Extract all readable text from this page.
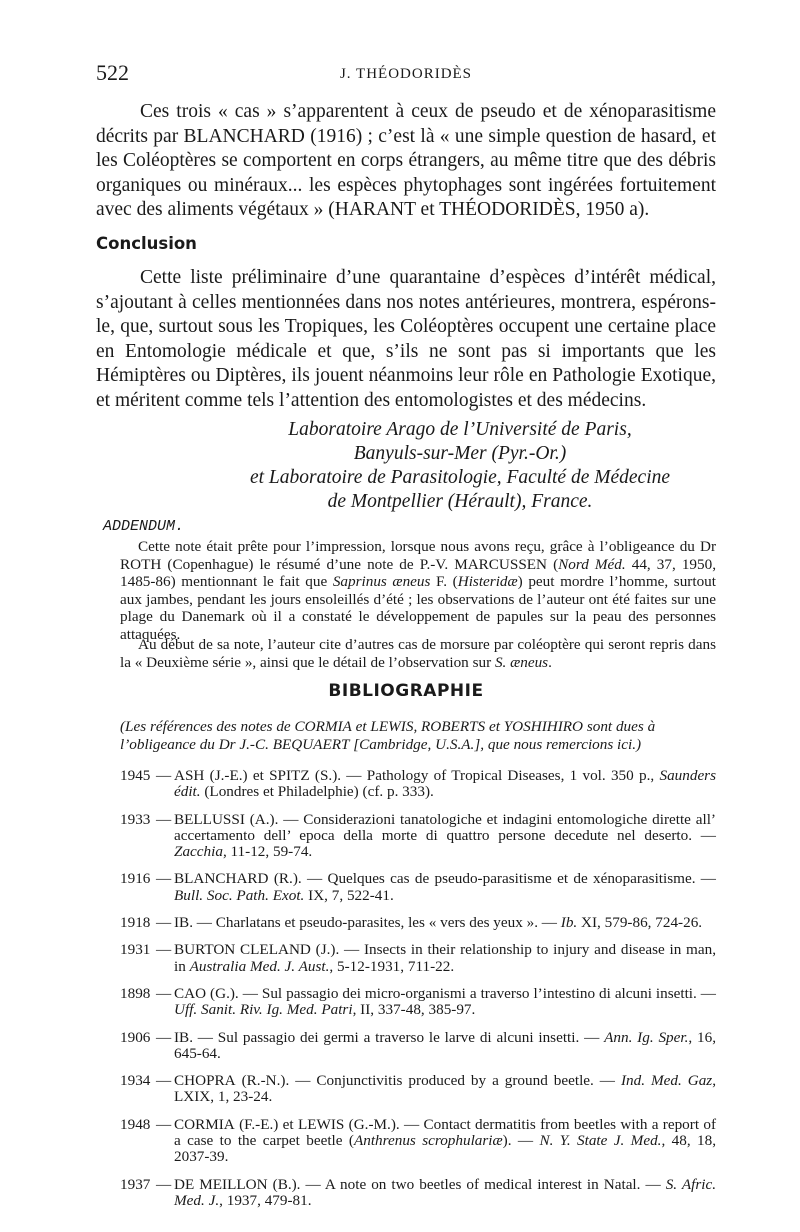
522	J. THÉODORIDÈS

Ces trois « cas » s’apparentent à ceux de pseudo et de xénoparasitisme décrits par BLANCHARD (1916) ; c’est là « une simple question de hasard, et les Coléoptères se comportent en corps étrangers, au même titre que des débris organiques ou minéraux... les espèces phytophages sont ingérées fortuitement avec des aliments végétaux » (HARANT et THÉODORIDÈS, 1950 a).

Conclusion

Cette liste préliminaire d’une quarantaine d’espèces d’intérêt médical, s’ajoutant à celles mentionnées dans nos notes antérieures, montrera, espérons-le, que, surtout sous les Tropiques, les Coléoptères occupent une certaine place en Entomologie médicale et que, s’ils ne sont pas si importants que les Hémiptères ou Diptères, ils jouent néanmoins leur rôle en Pathologie Exotique, et méritent comme tels l’attention des entomologistes et des médecins.

Laboratoire Arago de l’Université de Paris,
Banyuls-sur-Mer (Pyr.-Or.)
et Laboratoire de Parasitologie, Faculté de Médecine
de Montpellier (Hérault), France.
ADDENDUM.

Cette note était prête pour l’impression, lorsque nous avons reçu, grâce à l’obligeance du Dr ROTH (Copenhague) le résumé d’une note de P.-V. MARCUSSEN (Nord Méd. 44, 37, 1950, 1485-86) mentionnant le fait que Saprinus æneus F. (Histeridæ) peut mordre l’homme, surtout aux jambes, pendant les jours ensoleillés d’été ; les observations de l’auteur ont été faites sur une plage du Danemark où il a constaté le développement de papules sur la peau des personnes attaquées.

Au début de sa note, l’auteur cite d’autres cas de morsure par coléoptère qui seront repris dans la « Deuxième série », ainsi que le détail de l’observation sur S. æneus.

BIBLIOGRAPHIE

(Les références des notes de CORMIA et LEWIS, ROBERTS et YOSHIHIRO sont dues à l’obligeance du Dr J.-C. BEQUAERT [Cambridge, U.S.A.], que nous remercions ici.)

1945 — ASH (J.-E.) et SPITZ (S.). — Pathology of Tropical Diseases, 1 vol. 350 p., Saunders édit. (Londres et Philadelphie) (cf. p. 333).
1933 — BELLUSSI (A.). — Considerazioni tanatologiche et indagini entomologiche dirette all’ accertamento dell’ epoca della morte di quattro persone decedute nel deserto. — Zacchia, 11-12, 59-74.
1916 — BLANCHARD (R.). — Quelques cas de pseudo-parasitisme et de xénoparasitisme. — Bull. Soc. Path. Exot. IX, 7, 522-41.
1918 — IB. — Charlatans et pseudo-parasites, les « vers des yeux ». — Ib. XI, 579-86, 724-26.
1931 — BURTON CLELAND (J.). — Insects in their relationship to injury and disease in man, in Australia Med. J. Aust., 5-12-1931, 711-22.
1898 — CAO (G.). — Sul passagio dei micro-organismi a traverso l’intestino di alcuni insetti. — Uff. Sanit. Riv. Ig. Med. Patri, II, 337-48, 385-97.
1906 — IB. — Sul passagio dei germi a traverso le larve di alcuni insetti. — Ann. Ig. Sper., 16, 645-64.
1934 — CHOPRA (R.-N.). — Conjunctivitis produced by a ground beetle. — Ind. Med. Gaz, LXIX, 1, 23-24.
1948 — CORMIA (F.-E.) et LEWIS (G.-M.). — Contact dermatitis from beetles with a report of a case to the carpet beetle (Anthrenus scrophulariæ). — N. Y. State J. Med., 48, 18, 2037-39.
1937 — DE MEILLON (B.). — A note on two beetles of medical interest in Natal. — S. Afric. Med. J., 1937, 479-81.
